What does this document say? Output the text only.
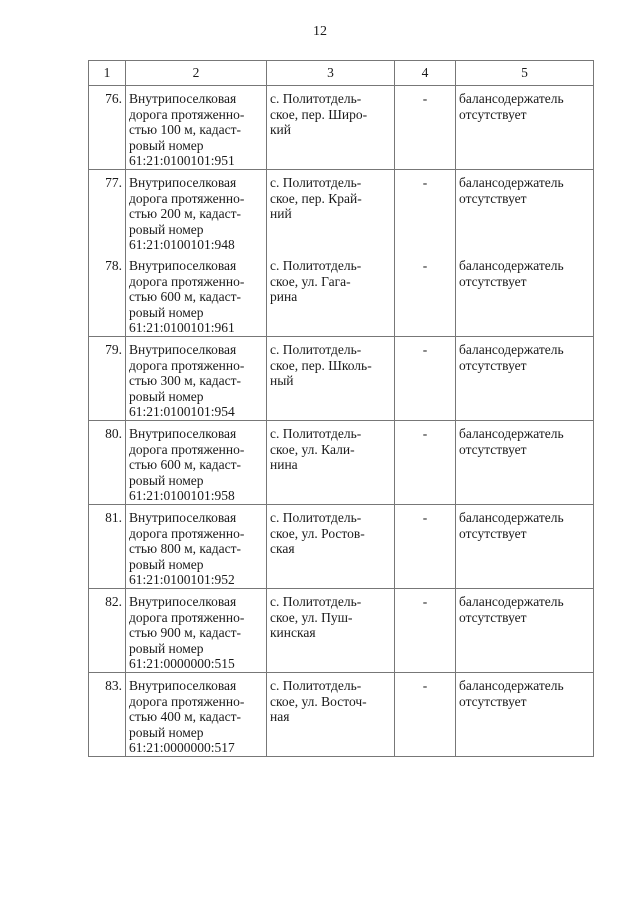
12
1	2	3	4	5
76.	Внутрипоселковая
дорога протяженно-
стью 100 м, кадаст-
ровый номер
61:21:0100101:951	с. Политотдель-
ское, пер. Широ-
кий	-	балансодержатель
отсутствует
77.	Внутрипоселковая
дорога протяженно-
стью 200 м, кадаст-
ровый номер
61:21:0100101:948	с. Политотдель-
ское, пер. Край-
ний	-	балансодержатель
отсутствует
78.	Внутрипоселковая
дорога протяженно-
стью 600 м, кадаст-
ровый номер
61:21:0100101:961	с. Политотдель-
ское, ул. Гага-
рина	-	балансодержатель
отсутствует
79.	Внутрипоселковая
дорога протяженно-
стью 300 м, кадаст-
ровый номер
61:21:0100101:954	с. Политотдель-
ское, пер. Школь-
ный	-	балансодержатель
отсутствует
80.	Внутрипоселковая
дорога протяженно-
стью 600 м, кадаст-
ровый номер
61:21:0100101:958	с. Политотдель-
ское, ул. Кали-
нина	-	балансодержатель
отсутствует
81.	Внутрипоселковая
дорога протяженно-
стью 800 м, кадаст-
ровый номер
61:21:0100101:952	с. Политотдель-
ское, ул. Ростов-
ская	-	балансодержатель
отсутствует
82.	Внутрипоселковая
дорога протяженно-
стью 900 м, кадаст-
ровый номер
61:21:0000000:515	с. Политотдель-
ское, ул. Пуш-
кинская	-	балансодержатель
отсутствует
83.	Внутрипоселковая
дорога протяженно-
стью 400 м, кадаст-
ровый номер
61:21:0000000:517	с. Политотдель-
ское, ул. Восточ-
ная	-	балансодержатель
отсутствует
